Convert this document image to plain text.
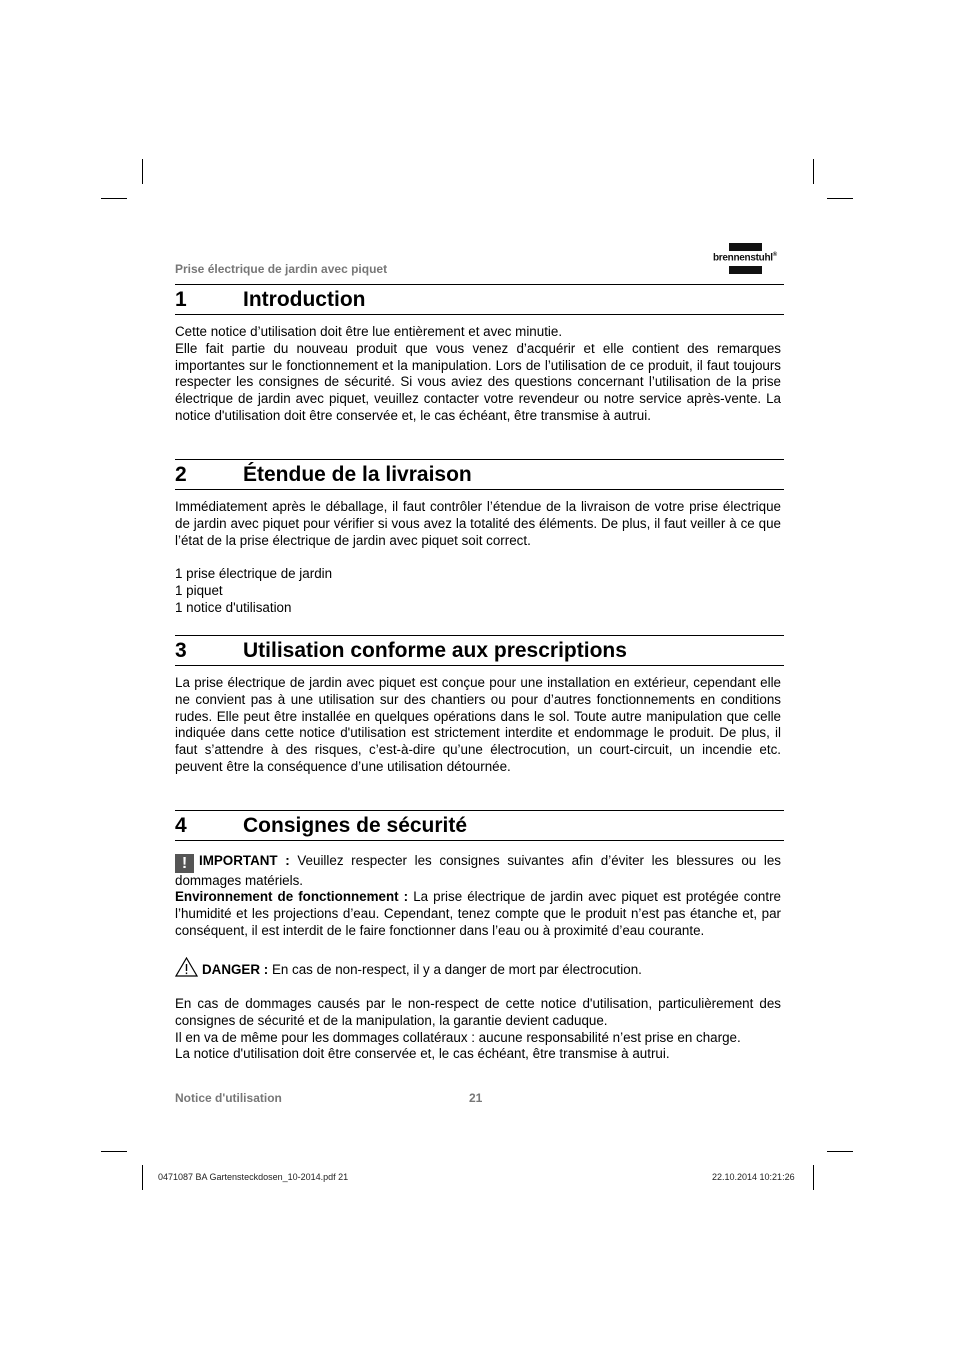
Prise électrique de jardin avec piquet
brennenstuhl®
1	Introduction
Cette notice d’utilisation doit être lue entièrement et avec minutie.
Elle fait partie du nouveau produit que vous venez d’acquérir et elle contient des remarques importantes sur le fonctionnement et la manipulation. Lors de l’utilisation de ce produit, il faut toujours respecter les consignes de sécurité. Si vous aviez des questions concernant l’utilisation de la prise électrique de jardin avec piquet, veuillez contacter votre revendeur ou notre service après-vente. La notice d'utilisation doit être conservée et, le cas échéant, être transmise à autrui.
2	Étendue de la livraison
Immédiatement après le déballage, il faut contrôler l’étendue de la livraison de votre prise électrique de jardin avec piquet pour vérifier si vous avez la totalité des éléments. De plus, il faut veiller à ce que l’état de la prise électrique de jardin avec piquet soit correct.
1 prise électrique de jardin
1 piquet
1 notice d'utilisation
3	Utilisation conforme aux prescriptions
La prise électrique de jardin avec piquet est conçue pour une installation en extérieur, cependant elle ne convient pas à une utilisation sur des chantiers ou pour d’autres fonctionnements en conditions rudes. Elle peut être installée en quelques opérations dans le sol. Toute autre manipulation que celle indiquée dans cette notice d'utilisation est strictement interdite et endommage le produit. De plus, il faut s’attendre à des risques, c’est-à-dire qu’une électrocution, un court-circuit, un incendie etc. peuvent être la conséquence d’une utilisation détournée.
4	Consignes de sécurité
! IMPORTANT : Veuillez respecter les consignes suivantes afin d’éviter les blessures ou les dommages matériels.
Environnement de fonctionnement : La prise électrique de jardin avec piquet est protégée contre l’humidité et les projections d’eau. Cependant, tenez compte que le produit n’est pas étanche et, par conséquent, il est interdit de le faire fonctionner dans l’eau ou à proximité d’eau courante.
DANGER : En cas de non-respect, il y a danger de mort par électrocution.
En cas de dommages causés par le non-respect de cette notice d'utilisation, particulièrement des consignes de sécurité et de la manipulation, la garantie devient caduque.
Il en va de même pour les dommages collatéraux : aucune responsabilité n’est prise en charge.
La notice d'utilisation doit être conservée et, le cas échéant, être transmise à autrui.
Notice d'utilisation	21
0471087 BA Gartensteckdosen_10-2014.pdf 21	22.10.2014 10:21:26
